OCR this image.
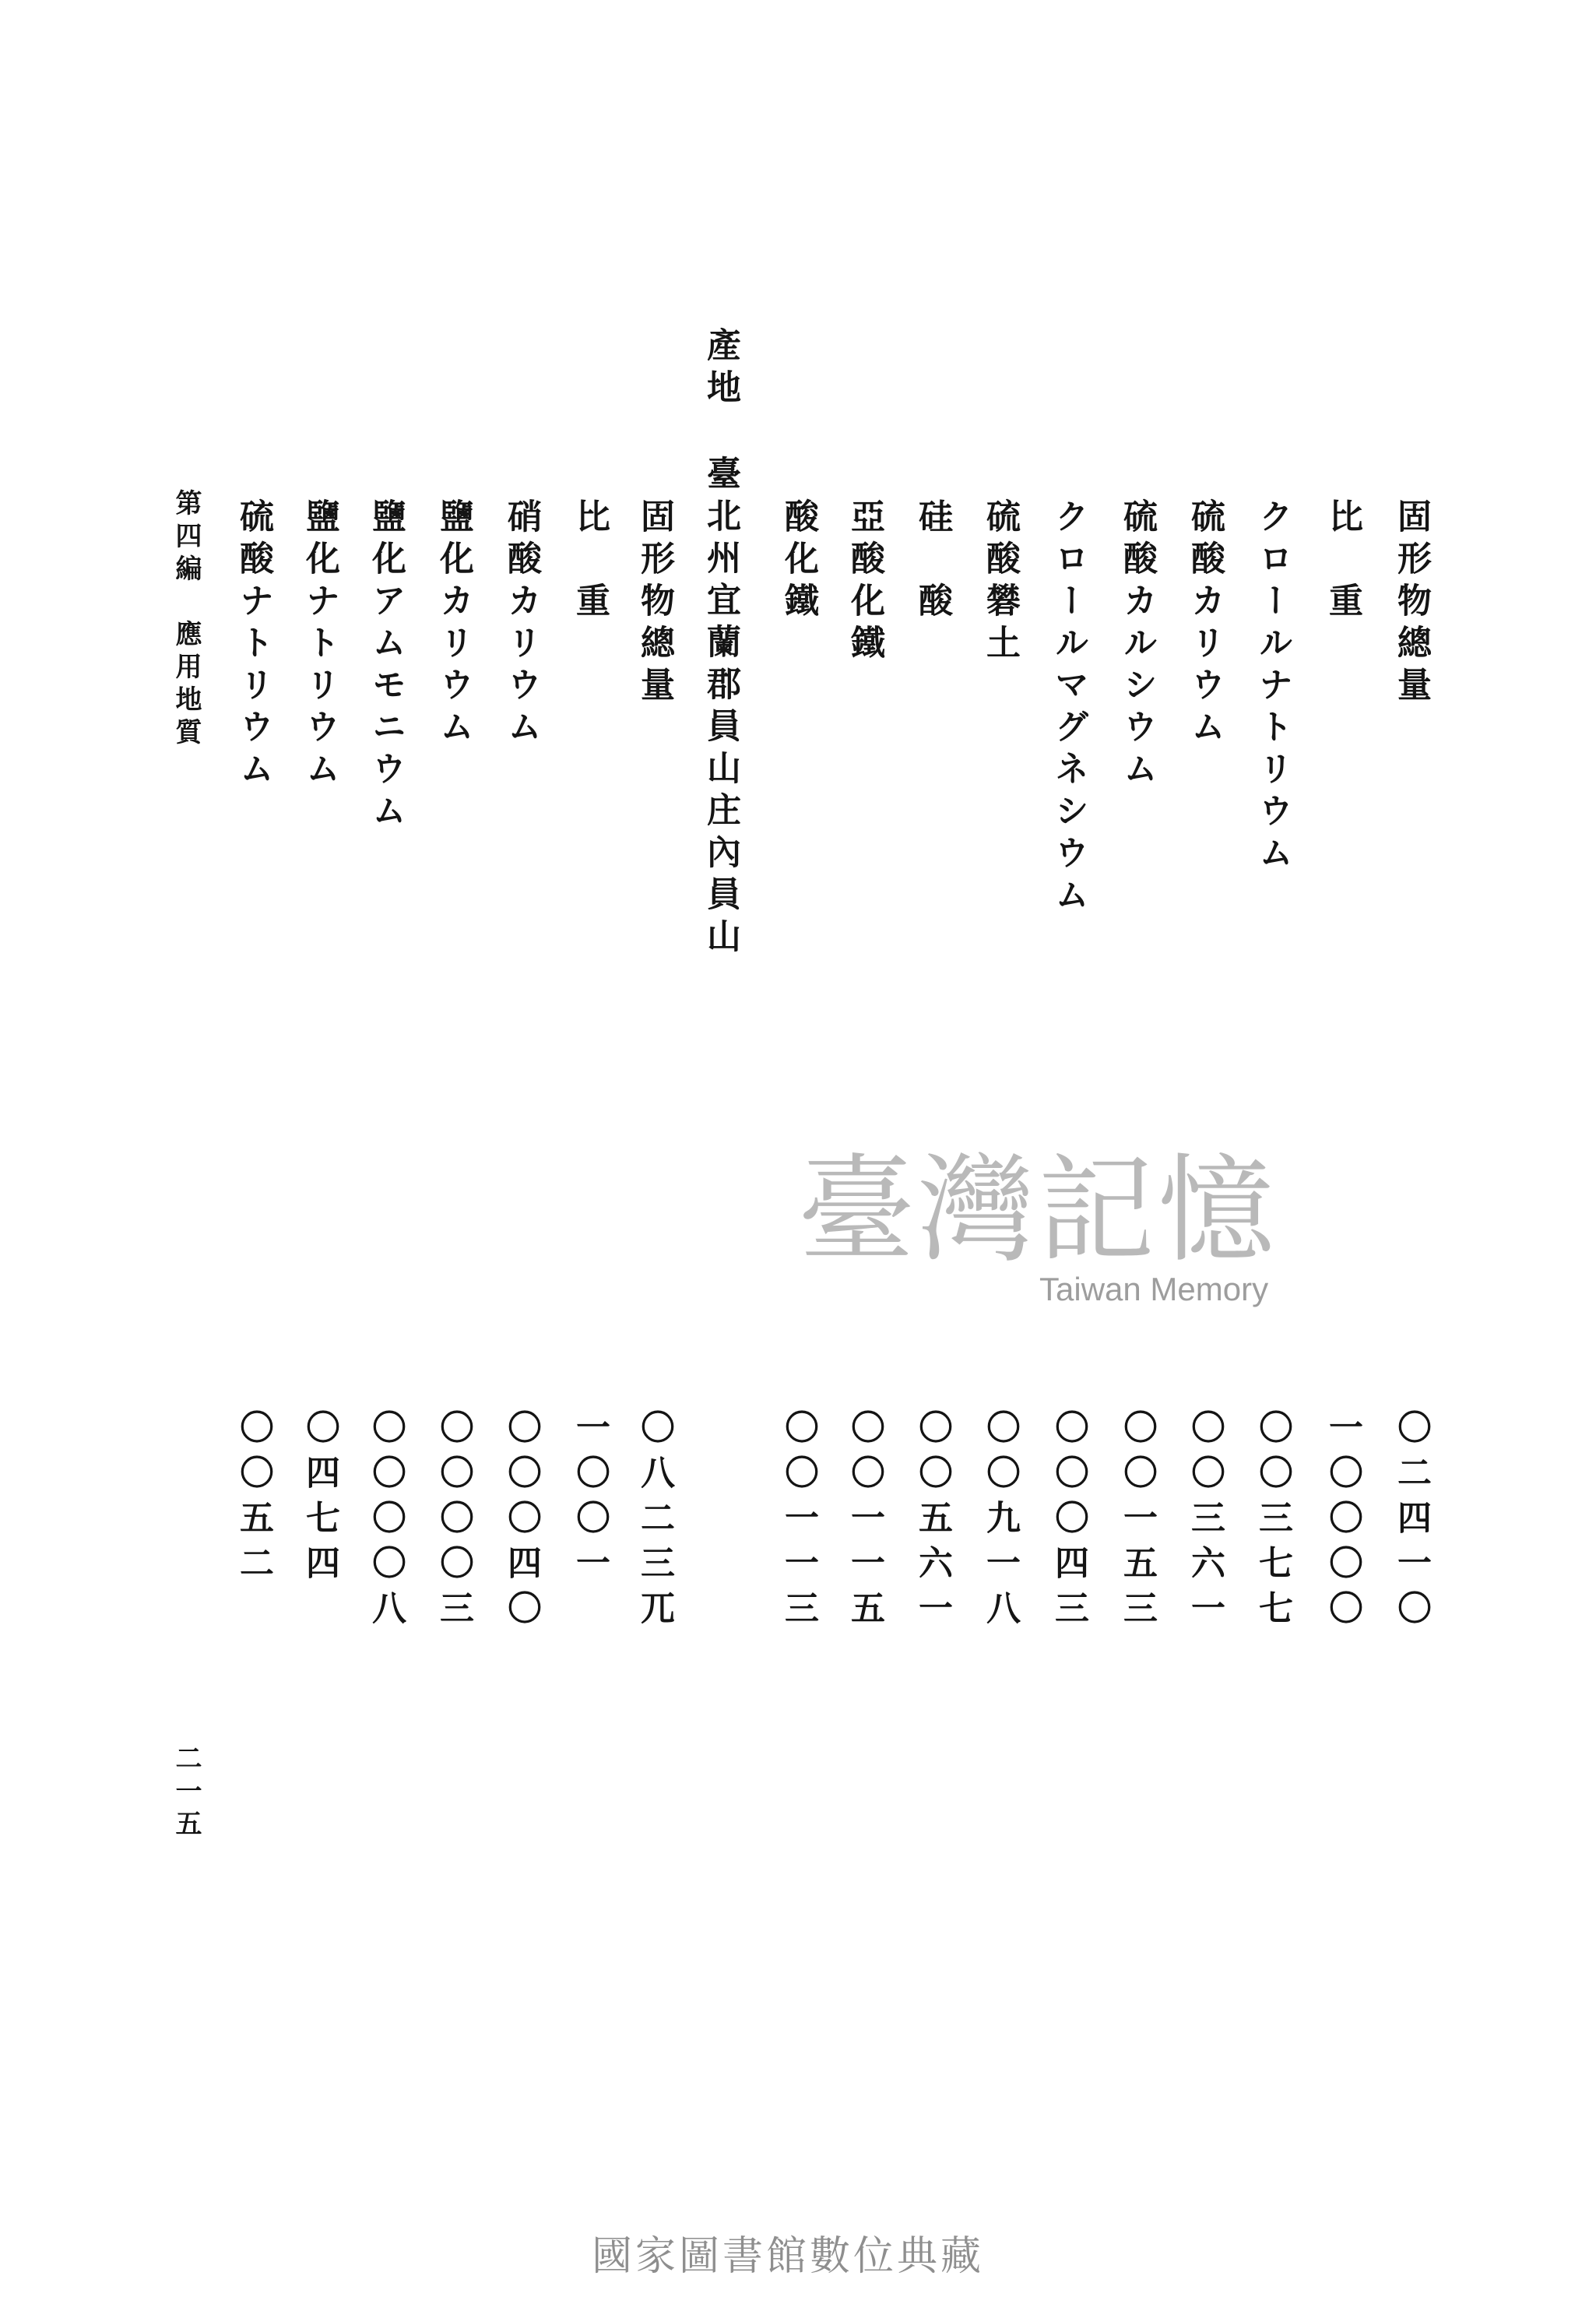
固形物總量
比　重
クロールナトリウム
硫酸カリウム
硫酸カルシウム
クロールマグネシウム
硫酸礬土
硅　酸
亞酸化鐵
酸化鐵
產地
臺北州宜蘭郡員山庄內員山
固形物總量
比　重
硝酸カリウム
鹽化カリウム
鹽化アムモニウム
鹽化ナトリウム
硫酸ナトリウム
第四編　應用地質
臺灣記憶
Taiwan Memory
〇二四一〇
一〇〇〇〇
〇〇三七七
〇〇三六一
〇〇一五三
〇〇〇四三
〇〇九一八
〇〇五六一
〇〇一一五
〇〇一一三
〇八二三兀
一〇〇一
〇〇〇四〇
〇〇〇〇三
〇〇〇〇八
〇四七四
〇〇五二
二一五
國家圖書館數位典藏
